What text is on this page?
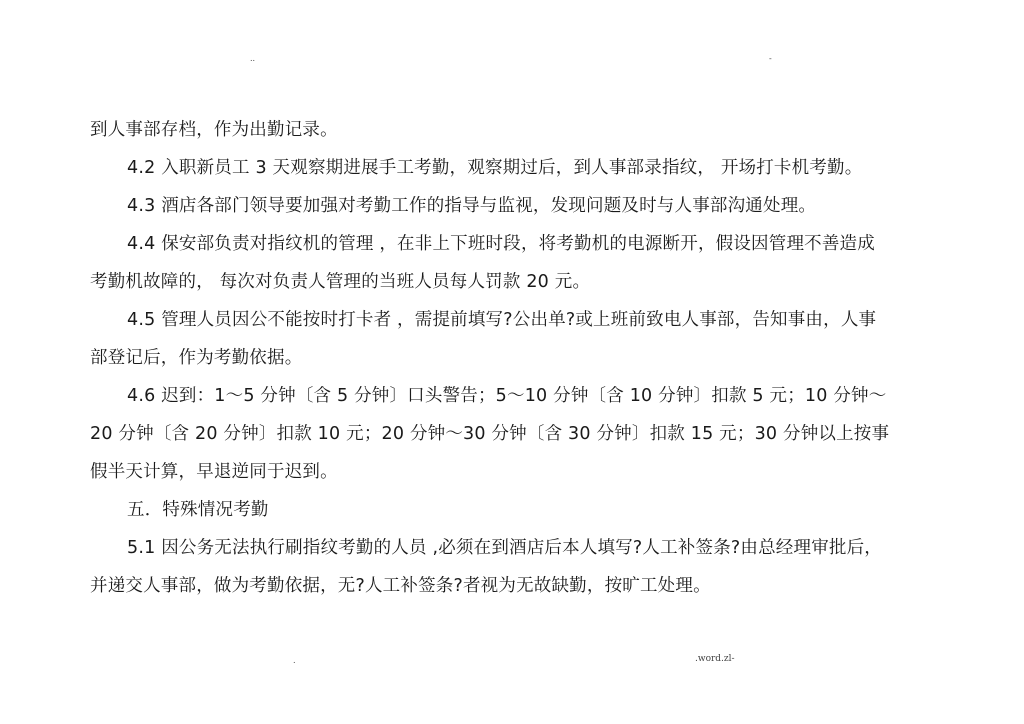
..	-
到人事部存档，作为出勤记录。
4.2 入职新员工 3 天观察期进展手工考勤，观察期过后，到人事部录指纹， 开场打卡机考勤。
4.3 酒店各部门领导要加强对考勤工作的指导与监视，发现问题及时与人事部沟通处理。
4.4 保安部负责对指纹机的管理 ，在非上下班时段，将考勤机的电源断开，假设因管理不善造成
考勤机故障的， 每次对负责人管理的当班人员每人罚款 20 元。
4.5 管理人员因公不能按时打卡者 ，需提前填写?公出单?或上班前致电人事部，告知事由，人事
部登记后，作为考勤依据。
4.6 迟到：1～5 分钟〔含 5 分钟〕口头警告；5～10 分钟〔含 10 分钟〕扣款 5 元；10 分钟～
20 分钟〔含 20 分钟〕扣款 10 元；20 分钟～30 分钟〔含 30 分钟〕扣款 15 元；30 分钟以上按事
假半天计算，早退逆同于迟到。
五．特殊情况考勤
5.1 因公务无法执行刷指纹考勤的人员 ,必须在到酒店后本人填写?人工补签条?由总经理审批后，
并递交人事部，做为考勤依据，无?人工补签条?者视为无故缺勤，按旷工处理。
.	.word.zl-
